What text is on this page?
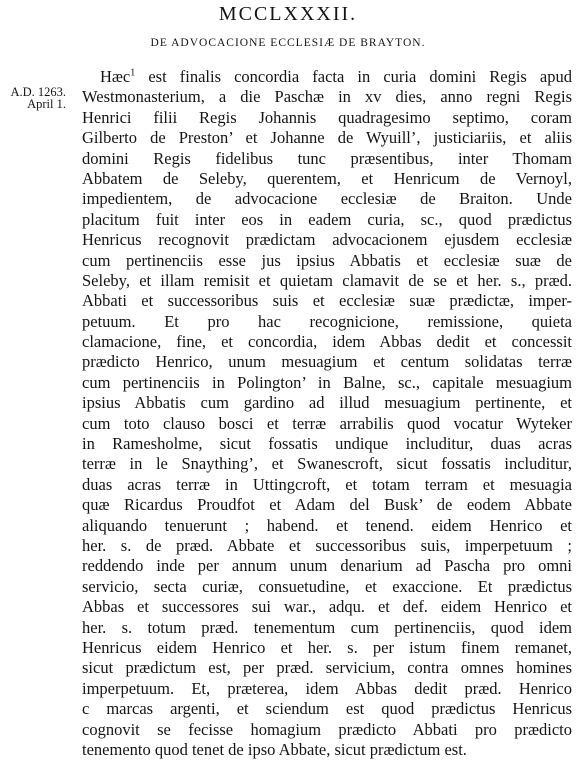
MCCLXXXII.
DE ADVOCACIONE ECCLESIÆ DE BRAYTON.
A.D. 1263.
April 1.
Hæc$^1$ est finalis concordia facta in curia domini Regis apud
Westmonasterium, a die Paschæ in xv dies, anno regni Regis
Henrici filii Regis Johannis quadragesimo septimo, coram
Gilberto de Preston’ et Johanne de Wyuill’, justiciariis, et aliis
domini Regis fidelibus tunc præsentibus, inter Thomam
Abbatem de Seleby, querentem, et Henricum de Vernoyl,
impedientem, de advocacione ecclesiæ de Braiton. Unde
placitum fuit inter eos in eadem curia, sc., quod prædictus
Henricus recognovit prædictam advocacionem ejusdem ecclesiæ
cum pertinenciis esse jus ipsius Abbatis et ecclesiæ suæ de
Seleby, et illam remisit et quietam clamavit de se et her. s., præd.
Abbati et successoribus suis et ecclesiæ suæ prædictæ, imper-
petuum. Et pro hac recognicione, remissione, quieta
clamacione, fine, et concordia, idem Abbas dedit et concessit
prædicto Henrico, unum mesuagium et centum solidatas terræ
cum pertinenciis in Polington’ in Balne, sc., capitale mesuagium
ipsius Abbatis cum gardino ad illud mesuagium pertinente, et
cum toto clauso bosci et terræ arrabilis quod vocatur Wyteker
in Ramesholme, sicut fossatis undique includitur, duas acras
terræ in le Snaything’, et Swanescroft, sicut fossatis includitur,
duas acras terræ in Uttingcroft, et totam terram et mesuagia
quæ Ricardus Proudfot et Adam del Busk’ de eodem Abbate
aliquando tenuerunt ; habend. et tenend. eidem Henrico et
her. s. de præd. Abbate et successoribus suis, imperpetuum ;
reddendo inde per annum unum denarium ad Pascha pro omni
servicio, secta curiæ, consuetudine, et exaccione. Et prædictus
Abbas et successores sui war., adqu. et def. eidem Henrico et
her. s. totum præd. tenementum cum pertinenciis, quod idem
Henricus eidem Henrico et her. s. per istum finem remanet,
sicut prædictum est, per præd. servicium, contra omnes homines
imperpetuum. Et, præterea, idem Abbas dedit præd. Henrico
c marcas argenti, et sciendum est quod prædictus Henricus
cognovit se fecisse homagium prædicto Abbati pro prædicto
tenemento quod tenet de ipso Abbate, sicut prædictum est.
